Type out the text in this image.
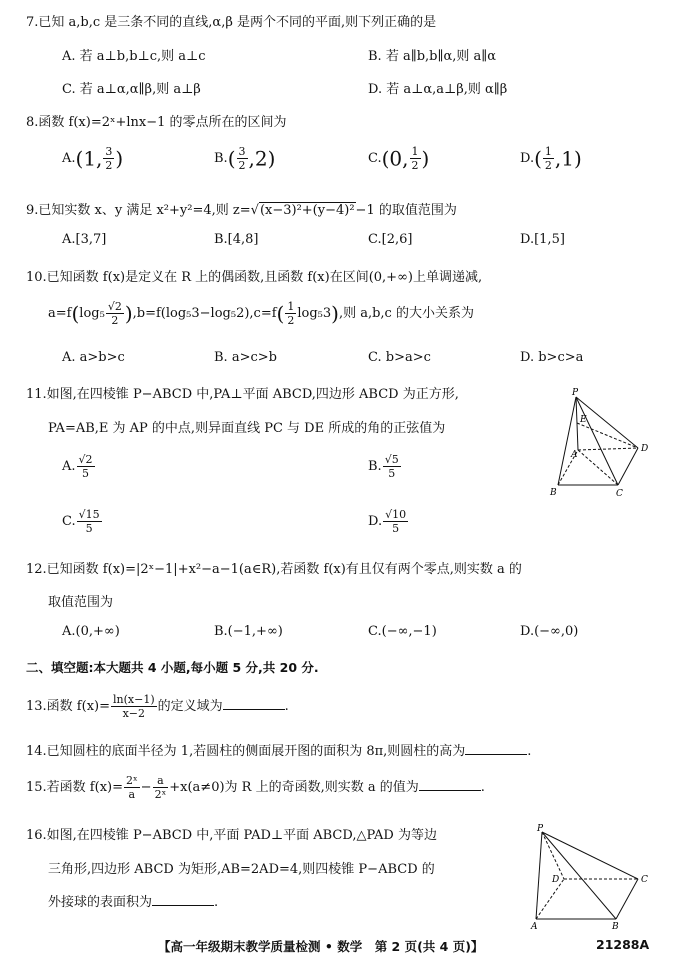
7.已知 a,b,c 是三条不同的直线,α,β 是两个不同的平面,则下列正确的是
A. 若 a⊥b,b⊥c,则 a⊥c	B. 若 a∥b,b∥α,则 a∥α
C. 若 a⊥α,α∥β,则 a⊥β	D. 若 a⊥α,a⊥β,则 α∥β
8.函数 f(x)=2ˣ+lnx−1 的零点所在的区间为
A.(1, $\frac{3}{2}$ )	$B.( \frac{3}{2} ,2)$	C.(0, $\frac{1}{2}$ )	$D.( \frac{1}{2} ,1)$
9.已知实数 x、y 满足 x²+y²=4,则 z=√(x−3)²+(y−4)²−1 的取值范围为
A.[3,7]	B.[4,8]	C.[2,6]	D.[1,5]
10.已知函数 f(x)是定义在 R 上的偶函数,且函数 f(x)在区间(0,+∞)上单调递减,
$a=f(\log_5 \frac{√2}{2} ),b=f(\log_53-\log_52),c=f( \frac{1}{2} \log_53)$,则 a,b,c 的大小关系为
A. a>b>c	B. a>c>b	C. b>a>c	D. b>c>a
11.如图,在四棱锥 P−ABCD 中,PA⊥平面 ABCD,四边形 ABCD 为正方形,
PA=AB,E 为 AP 的中点,则异面直线 PC 与 DE 所成的角的正弦值为
A. $\frac{√2}{5}$	B. $\frac{√5}{5}$
C. $\frac{√15}{5}$	D. $\frac{√10}{5}$
P
E
A
D
B	C
12.已知函数 f(x)=|2ˣ−1|+x²−a−1(a∈R),若函数 f(x)有且仅有两个零点,则实数 a 的
取值范围为
A.(0,+∞)	B.(−1,+∞)	C.(−∞,−1)	D.(−∞,0)
二、填空题:本大题共 4 小题,每小题 5 分,共 20 分.
13.函数 $f(x)= \frac{\ln(x-1)}{x-2}$ 的定义域为	.
14.已知圆柱的底面半径为 1,若圆柱的侧面展开图的面积为 8π,则圆柱的高为	.
15.若函数 $f(x)= \frac{\text{2ˣ}}{a} - \frac{a}{\text{2ˣ}} +x(a\ne 0)$为 R 上的奇函数,则实数 a 的值为	.
16.如图,在四棱锥 P−ABCD 中,平面 PAD⊥平面 ABCD,△PAD 为等边
三角形,四边形 ABCD 为矩形,AB=2AD=4,则四棱锥 P−ABCD 的
外接球的表面积为	.
P
D	C
A	B
【高一年级期末教学质量检测 • 数学　第 2 页(共 4 页)】	21288A
